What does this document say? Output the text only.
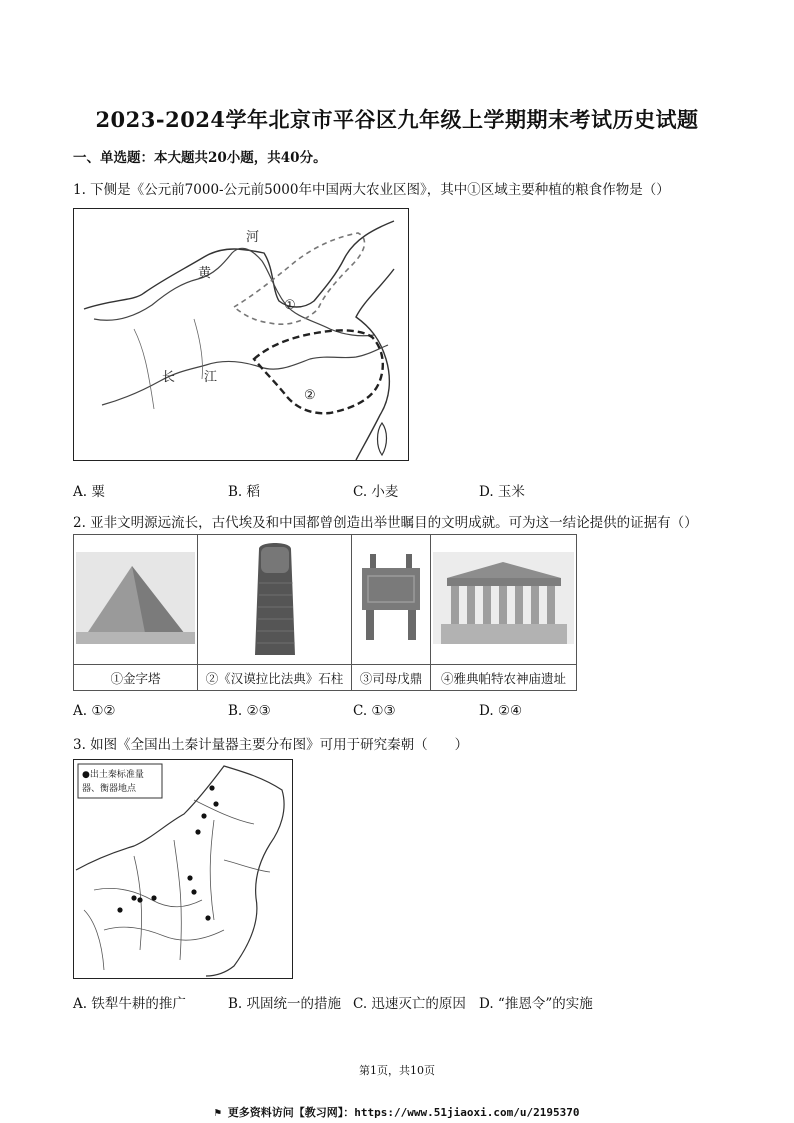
2023-2024学年北京市平谷区九年级上学期期末考试历史试题
一、单选题：本大题共20小题，共40分。
1. 下侧是《公元前7000-公元前5000年中国两大农业区图》，其中①区域主要种植的粮食作物是（）
黄
河
长 江
①
②
A. 粟	B. 稻	C. 小麦	D. 玉米
2. 亚非文明源远流长，古代埃及和中国都曾创造出举世瞩目的文明成就。可为这一结论提供的证据有（）

①金字塔	②《汉谟拉比法典》石柱	③司母戊鼎	④雅典帕特农神庙遗址
A. ①②	B. ②③	C. ①③	D. ②④
3. 如图《全国出土秦计量器主要分布图》可用于研究秦朝（　　）
●出土秦标准量
器、衡器地点
A. 铁犁牛耕的推广	B. 巩固统一的措施 C. 迅速灭亡的原因 D. “推恩令”的实施
第1页，共10页
⚑ 更多资料访问【教习网】：https://www.51jiaoxi.com/u/2195370
